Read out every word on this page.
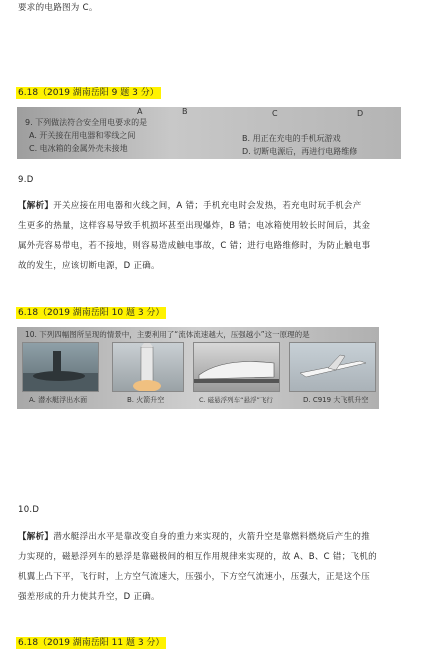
要求的电路图为 C。
6.18（2019 湖南岳阳 9 题 3 分）
A	B	C	D
9. 下列做法符合安全用电要求的是
A. 开关接在用电器和零线之间
C. 电冰箱的金属外壳未接地
B. 用正在充电的手机玩游戏
D. 切断电源后，再进行电路维修
9.D
【解析】开关应接在用电器和火线之间，A 错；手机充电时会发热，若充电时玩手机会产
生更多的热量，这样容易导致手机损坏甚至出现爆炸，B 错；电冰箱使用较长时间后，其金
属外壳容易带电，若不接地，则容易造成触电事故，C 错；进行电路维修时，为防止触电事
故的发生，应该切断电源，D 正确。
6.18（2019 湖南岳阳 10 题 3 分）
10. 下列四幅图所呈现的情景中，主要利用了“流体流速越大，压强越小”这一原理的是
A. 潜水艇浮出水面	B. 火箭升空	C. 磁悬浮列车“悬浮”飞行	D. C919 大飞机升空
10.D
【解析】潜水艇浮出水平是靠改变自身的重力来实现的，火箭升空是靠燃料燃烧后产生的推
力实现的，磁悬浮列车的悬浮是靠磁极间的相互作用规律来实现的，故 A、B、C 错；飞机的
机翼上凸下平，飞行时，上方空气流速大，压强小，下方空气流速小，压强大，正是这个压
强差形成的升力使其升空，D 正确。
6.18（2019 湖南岳阳 11 题 3 分）
